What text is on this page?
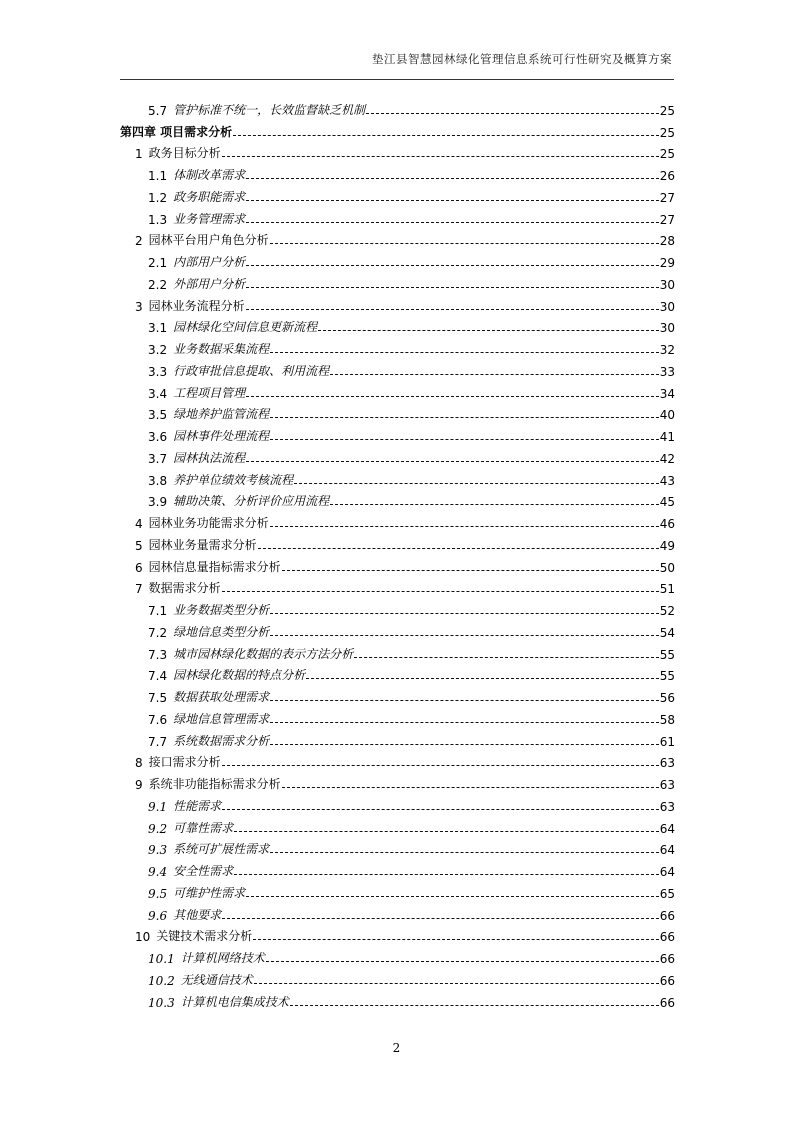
垫江县智慧园林绿化管理信息系统可行性研究及概算方案
5.7 管护标准不统一，长效监督缺乏机制	25
第四章 项目需求分析	25
1 政务目标分析	25
1.1 体制改革需求	26
1.2 政务职能需求	27
1.3 业务管理需求	27
2 园林平台用户角色分析	28
2.1 内部用户分析	29
2.2 外部用户分析	30
3 园林业务流程分析	30
3.1 园林绿化空间信息更新流程	30
3.2 业务数据采集流程	32
3.3 行政审批信息提取、利用流程	33
3.4 工程项目管理	34
3.5 绿地养护监管流程	40
3.6 园林事件处理流程	41
3.7 园林执法流程	42
3.8 养护单位绩效考核流程	43
3.9 辅助决策、分析评价应用流程	45
4 园林业务功能需求分析	46
5 园林业务量需求分析	49
6 园林信息量指标需求分析	50
7 数据需求分析	51
7.1 业务数据类型分析	52
7.2 绿地信息类型分析	54
7.3 城市园林绿化数据的表示方法分析	55
7.4 园林绿化数据的特点分析	55
7.5 数据获取处理需求	56
7.6 绿地信息管理需求	58
7.7 系统数据需求分析	61
8 接口需求分析	63
9 系统非功能指标需求分析	63
9.1 性能需求	63
9.2 可靠性需求	64
9.3 系统可扩展性需求	64
9.4 安全性需求	64
9.5 可维护性需求	65
9.6 其他要求	66
10 关键技术需求分析	66
10.1 计算机网络技术	66
10.2 无线通信技术	66
10.3 计算机电信集成技术	66
2
